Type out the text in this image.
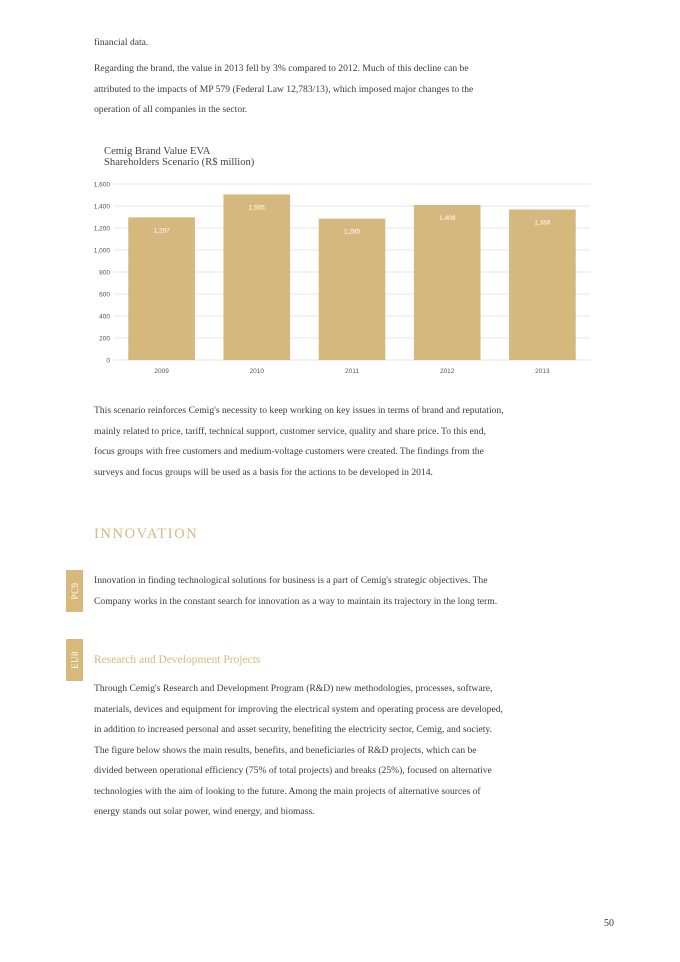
financial data.
Regarding the brand, the value in 2013 fell by 3% compared to 2012. Much of this decline can be attributed to the impacts of MP 579 (Federal Law 12,783/13), which imposed major changes to the operation of all companies in the sector.
Cemig Brand Value EVA
Shareholders Scenario (R$ million)
0
200
400
600
800
1,000
1,200
1,400
1,600
1,297
2009
1,505
2010
1,285
2011
1,409
2012
1,368
2013
This scenario reinforces Cemig's necessity to keep working on key issues in terms of brand and reputation, mainly related to price, tariff, technical support, customer service, quality and share price. To this end, focus groups with free customers and medium-voltage customers were created. The findings from the surveys and focus groups will be used as a basis for the actions to be developed in 2014.
INNOVATION
PC9
Innovation in finding technological solutions for business is a part of Cemig's strategic objectives. The Company works in the constant search for innovation as a way to maintain its trajectory in the long term.
EU8 Research and Development Projects
Through Cemig's Research and Development Program (R&D) new methodologies, processes, software, materials, devices and equipment for improving the electrical system and operating process are developed, in addition to increased personal and asset security, benefiting the electricity sector, Cemig, and society. The figure below shows the main results, benefits, and beneficiaries of R&D projects, which can be divided between operational efficiency (75% of total projects) and breaks (25%), focused on alternative technologies with the aim of looking to the future. Among the main projects of alternative sources of energy stands out solar power, wind energy, and biomass.
50
